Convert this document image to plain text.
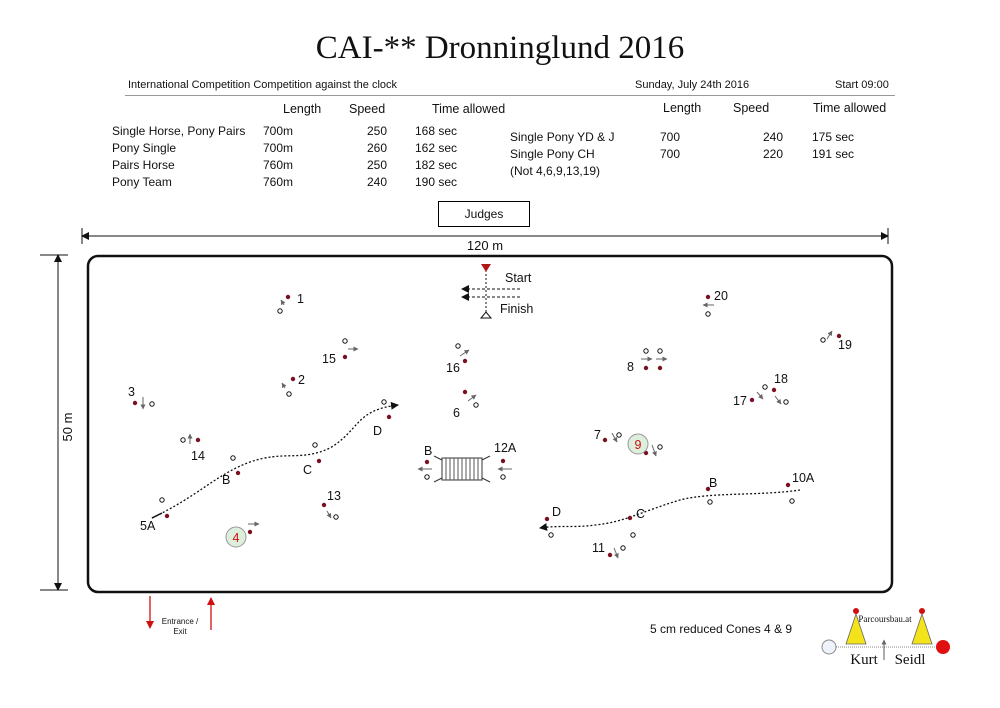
CAI-** Dronninglund 2016
International Competition Competition against the clock	Sunday, July 24th 2016	Start 09:00
Length Speed	Time allowed
Single Horse, Pony Pairs 700m	250 168 sec
Pony Single	700m	260 162 sec
Pairs Horse	760m	250 182 sec
Pony Team	760m	240 190 sec
Length	Speed	Time allowed
Single Pony YD & J	700	240 175 sec
Single Pony CH	700	220 191 sec
(Not 4,6,9,13,19)
Judges
120 m
50 m
Start
Finish
4
9
1
2
3
5A
6
7
8
10A
11
12A
13
14
15
16
17
18
19
20
B
C
D
B
B
C
D
Entrance /
Exit	5 cm reduced Cones 4 & 9
Parcoursbau.at
Kurt Seidl
